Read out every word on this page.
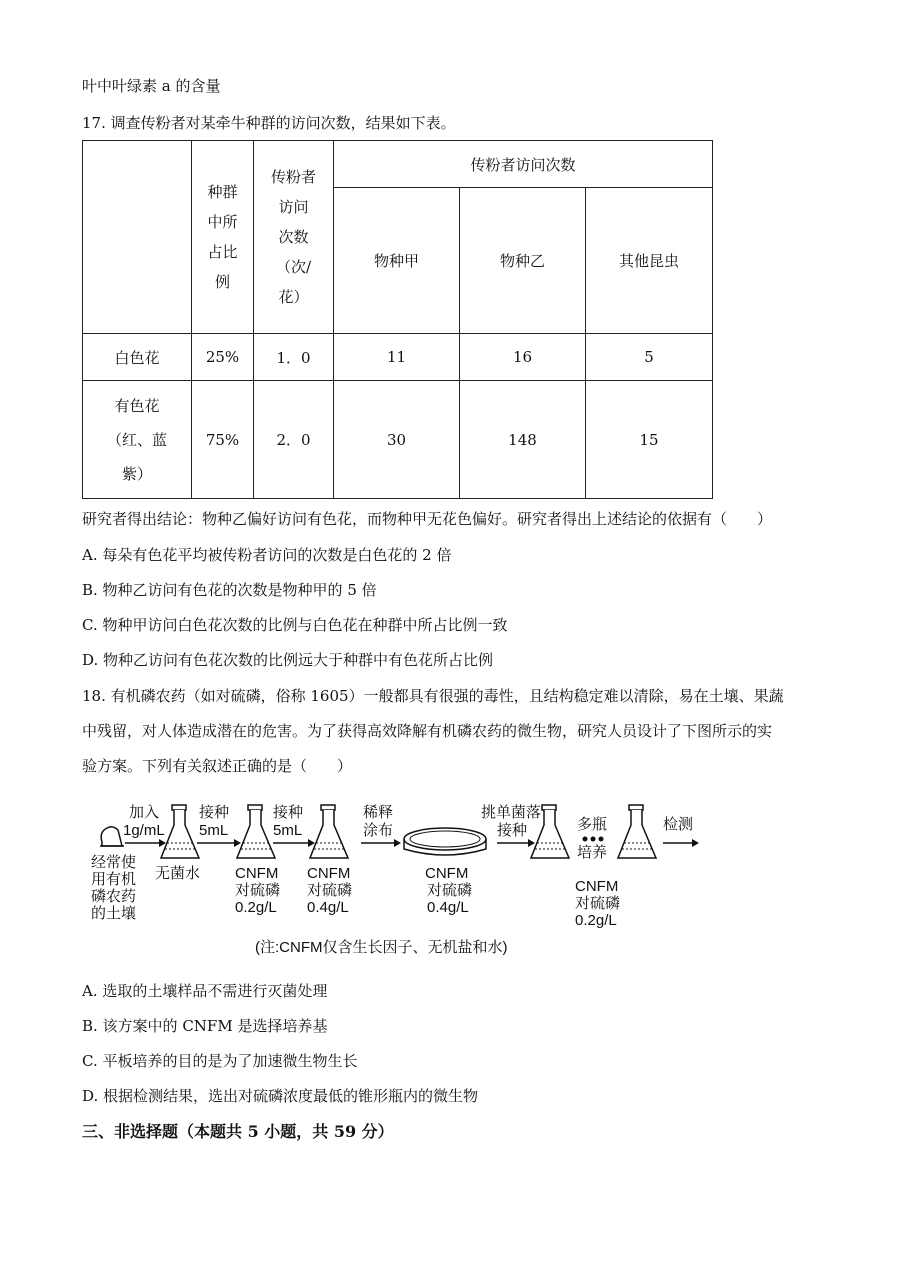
叶中叶绿素 a 的含量
17. 调查传粉者对某牵牛种群的访问次数，结果如下表。
	种群
中所
占比
例	传粉者
访问
次数
（次/
花）	传粉者访问次数		
			物种甲	物种乙	其他昆虫
白色花	25%	1．0	11	16	5
有色花
（红、蓝
紫）	75%	2．0	30	148	15
研究者得出结论：物种乙偏好访问有色花，而物种甲无花色偏好。研究者得出上述结论的依据有（　　）
A. 每朵有色花平均被传粉者访问的次数是白色花的 2 倍
B. 物种乙访问有色花的次数是物种甲的 5 倍
C. 物种甲访问白色花次数的比例与白色花在种群中所占比例一致
D. 物种乙访问有色花次数的比例远大于种群中有色花所占比例
18. 有机磷农药（如对硫磷，俗称 1605）一般都具有很强的毒性，且结构稳定难以清除，易在土壤、果蔬
中残留，对人体造成潜在的危害。为了获得高效降解有机磷农药的微生物，研究人员设计了下图所示的实
验方案。下列有关叙述正确的是（　　）
经常使
用有机
磷农药
的土壤
加入
1g/mL
无菌水
接种
5mL
CNFM
对硫磷
0.2g/L
接种
5mL
CNFM
对硫磷
0.4g/L
稀释
涂布
CNFM
对硫磷
0.4g/L
挑单菌落
接种	多瓶
培养
CNFM
对硫磷
0.2g/L
检测
(注:CNFM仅含生长因子、无机盐和水)
A. 选取的土壤样品不需进行灭菌处理
B. 该方案中的 CNFM 是选择培养基
C. 平板培养的目的是为了加速微生物生长
D. 根据检测结果，选出对硫磷浓度最低的锥形瓶内的微生物
三、非选择题（本题共 5 小题，共 59 分）
